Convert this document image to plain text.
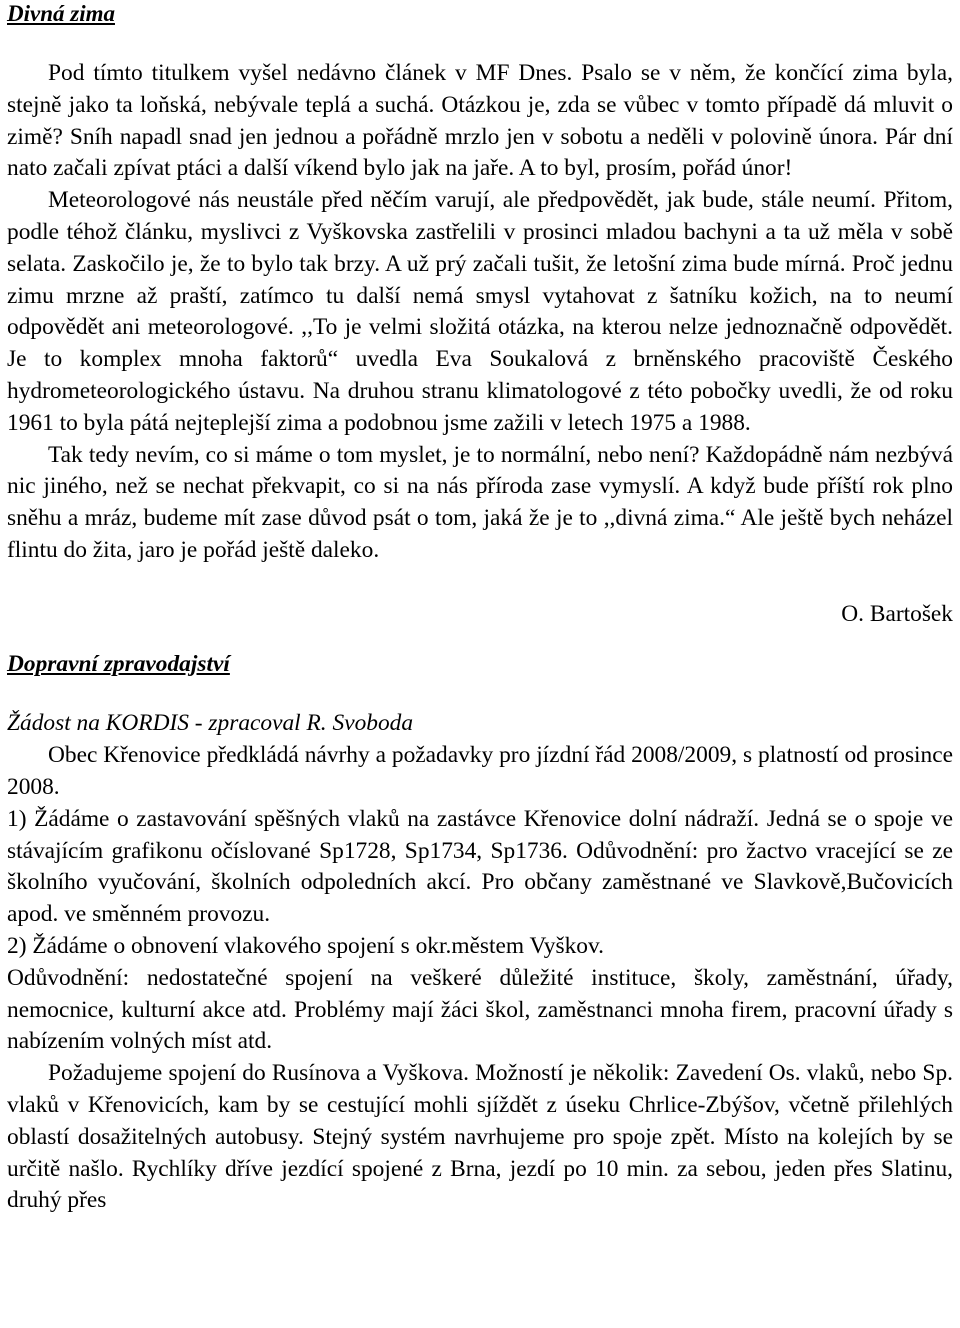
Divná zima

Pod tímto titulkem vyšel nedávno článek v MF Dnes. Psalo se v něm, že končící zima byla, stejně jako ta loňská, nebývale teplá a suchá. Otázkou je, zda se vůbec v tomto případě dá mluvit o zimě? Sníh napadl snad jen jednou a pořádně mrzlo jen v sobotu a neděli v polovině února. Pár dní nato začali zpívat ptáci a další víkend bylo jak na jaře. A to byl, prosím, pořád únor!

Meteorologové nás neustále před něčím varují, ale předpovědět, jak bude, stále neumí. Přitom, podle téhož článku, myslivci z Vyškovska zastřelili v prosinci mladou bachyni a ta už měla v sobě selata. Zaskočilo je, že to bylo tak brzy. A už prý začali tušit, že letošní zima bude mírná. Proč jednu zimu mrzne až praští, zatímco tu další nemá smysl vytahovat z šatníku kožich, na to neumí odpovědět ani meteorologové. ,,To je velmi složitá otázka, na kterou nelze jednoznačně odpovědět. Je to komplex mnoha faktorů“ uvedla Eva Soukalová z brněnského pracoviště Českého hydrometeorologického ústavu. Na druhou stranu klimatologové z této pobočky uvedli, že od roku 1961 to byla pátá nejteplejší zima a podobnou jsme zažili v letech 1975 a 1988.

Tak tedy nevím, co si máme o tom myslet, je to normální, nebo není? Každopádně nám nezbývá nic jiného, než se nechat překvapit, co si na nás příroda zase vymyslí. A když bude příští rok plno sněhu a mráz, budeme mít zase důvod psát o tom, jaká že je to ,,divná zima.“ Ale ještě bych neházel flintu do žita, jaro je pořád ještě daleko.

O. Bartošek

Dopravní zpravodajství

Žádost na KORDIS - zpracoval R. Svoboda

Obec Křenovice předkládá návrhy a požadavky pro jízdní řád 2008/2009, s platností od prosince 2008.

1) Žádáme o zastavování spěšných vlaků na zastávce Křenovice dolní nádraží. Jedná se o spoje ve stávajícím grafikonu očíslované Sp1728, Sp1734, Sp1736. Odůvodnění: pro žactvo vracející se ze školního vyučování, školních odpoledních akcí. Pro občany zaměstnané ve Slavkově,Bučovicích apod. ve směnném provozu.

2) Žádáme o obnovení vlakového spojení s okr.městem Vyškov.

Odůvodnění: nedostatečné spojení na veškeré důležité instituce, školy, zaměstnání, úřady, nemocnice, kulturní akce atd. Problémy mají žáci škol, zaměstnanci mnoha firem, pracovní úřady s nabízením volných míst atd.

Požadujeme spojení do Rusínova a Vyškova. Možností je několik: Zavedení Os. vlaků, nebo Sp. vlaků v Křenovicích, kam by se cestující mohli sjíždět z úseku Chrlice-Zbýšov, včetně přilehlých oblastí dosažitelných autobusy. Stejný systém navrhujeme pro spoje zpět. Místo na kolejích by se určitě našlo. Rychlíky dříve jezdící spojené z Brna, jezdí po 10 min. za sebou, jeden přes Slatinu, druhý přes
